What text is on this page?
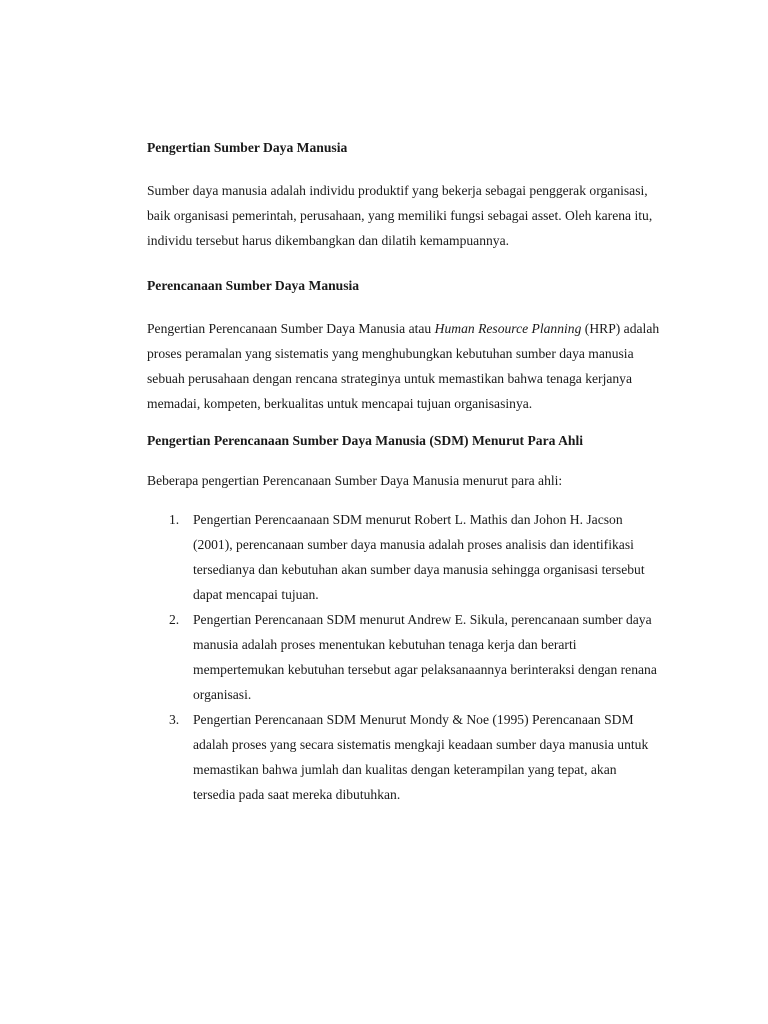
Pengertian Sumber Daya Manusia

Sumber daya manusia adalah individu produktif yang bekerja sebagai penggerak organisasi, baik organisasi pemerintah, perusahaan, yang memiliki fungsi sebagai asset. Oleh karena itu, individu tersebut harus dikembangkan dan dilatih kemampuannya.

Perencanaan Sumber Daya Manusia

Pengertian Perencanaan Sumber Daya Manusia atau Human Resource Planning (HRP) adalah proses peramalan yang sistematis yang menghubungkan kebutuhan sumber daya manusia sebuah perusahaan dengan rencana strateginya untuk memastikan bahwa tenaga kerjanya memadai, kompeten, berkualitas untuk mencapai tujuan organisasinya.

Pengertian Perencanaan Sumber Daya Manusia (SDM) Menurut Para Ahli

Beberapa pengertian Perencanaan Sumber Daya Manusia menurut para ahli:

1. Pengertian Perencaanaan SDM menurut Robert L. Mathis dan Johon H. Jacson (2001), perencanaan sumber daya manusia adalah proses analisis dan identifikasi tersedianya dan kebutuhan akan sumber daya manusia sehingga organisasi tersebut dapat mencapai tujuan.
2. Pengertian Perencanaan SDM menurut Andrew E. Sikula, perencanaan sumber daya manusia adalah proses menentukan kebutuhan tenaga kerja dan berarti mempertemukan kebutuhan tersebut agar pelaksanaannya berinteraksi dengan renana organisasi.
3. Pengertian Perencanaan SDM Menurut Mondy & Noe (1995) Perencanaan SDM adalah proses yang secara sistematis mengkaji keadaan sumber daya manusia untuk memastikan bahwa jumlah dan kualitas dengan keterampilan yang tepat, akan tersedia pada saat mereka dibutuhkan.
